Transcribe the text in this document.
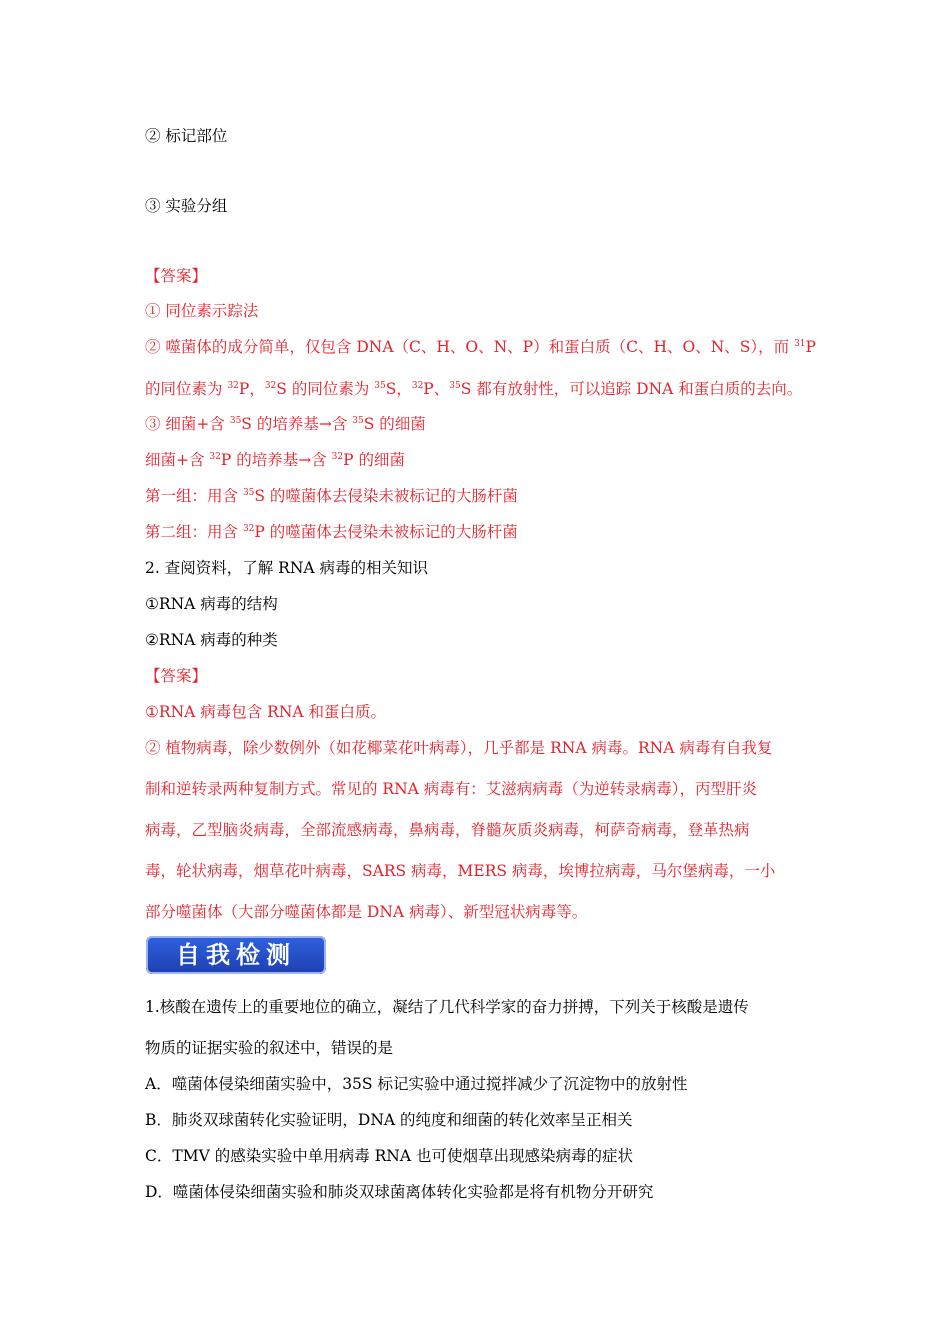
② 标记部位
③ 实验分组
【答案】
① 同位素示踪法
② 噬菌体的成分简单，仅包含 DNA（C、H、O、N、P）和蛋白质（C、H、O、N、S），而 $^{31}$P
的同位素为 $^{32}$P，$^{32}$S 的同位素为 $^{35}$S，$^{32}$P、$^{35}$S 都有放射性，可以追踪 DNA 和蛋白质的去向。
③ 细菌+含 $^{35}$S 的培养基→含 $^{35}$S 的细菌
细菌+含 $^{32}$P 的培养基→含 $^{32}$P 的细菌
第一组：用含 $^{35}$S 的噬菌体去侵染未被标记的大肠杆菌
第二组：用含 $^{32}$P 的噬菌体去侵染未被标记的大肠杆菌
2. 查阅资料，了解 RNA 病毒的相关知识
①RNA 病毒的结构
②RNA 病毒的种类
【答案】
①RNA 病毒包含 RNA 和蛋白质。
② 植物病毒，除少数例外（如花椰菜花叶病毒），几乎都是 RNA 病毒。RNA 病毒有自我复
制和逆转录两种复制方式。常见的 RNA 病毒有：艾滋病病毒（为逆转录病毒），丙型肝炎
病毒，乙型脑炎病毒，全部流感病毒，鼻病毒，脊髓灰质炎病毒，柯萨奇病毒，登革热病
毒，轮状病毒，烟草花叶病毒，SARS 病毒，MERS 病毒，埃博拉病毒，马尔堡病毒，一小
部分噬菌体（大部分噬菌体都是 DNA 病毒）、新型冠状病毒等。
自我检测
1.核酸在遗传上的重要地位的确立，凝结了几代科学家的奋力拼搏，下列关于核酸是遗传
物质的证据实验的叙述中，错误的是
A．噬菌体侵染细菌实验中，35S 标记实验中通过搅拌减少了沉淀物中的放射性
B．肺炎双球菌转化实验证明，DNA 的纯度和细菌的转化效率呈正相关
C．TMV 的感染实验中单用病毒 RNA 也可使烟草出现感染病毒的症状
D．噬菌体侵染细菌实验和肺炎双球菌离体转化实验都是将有机物分开研究
